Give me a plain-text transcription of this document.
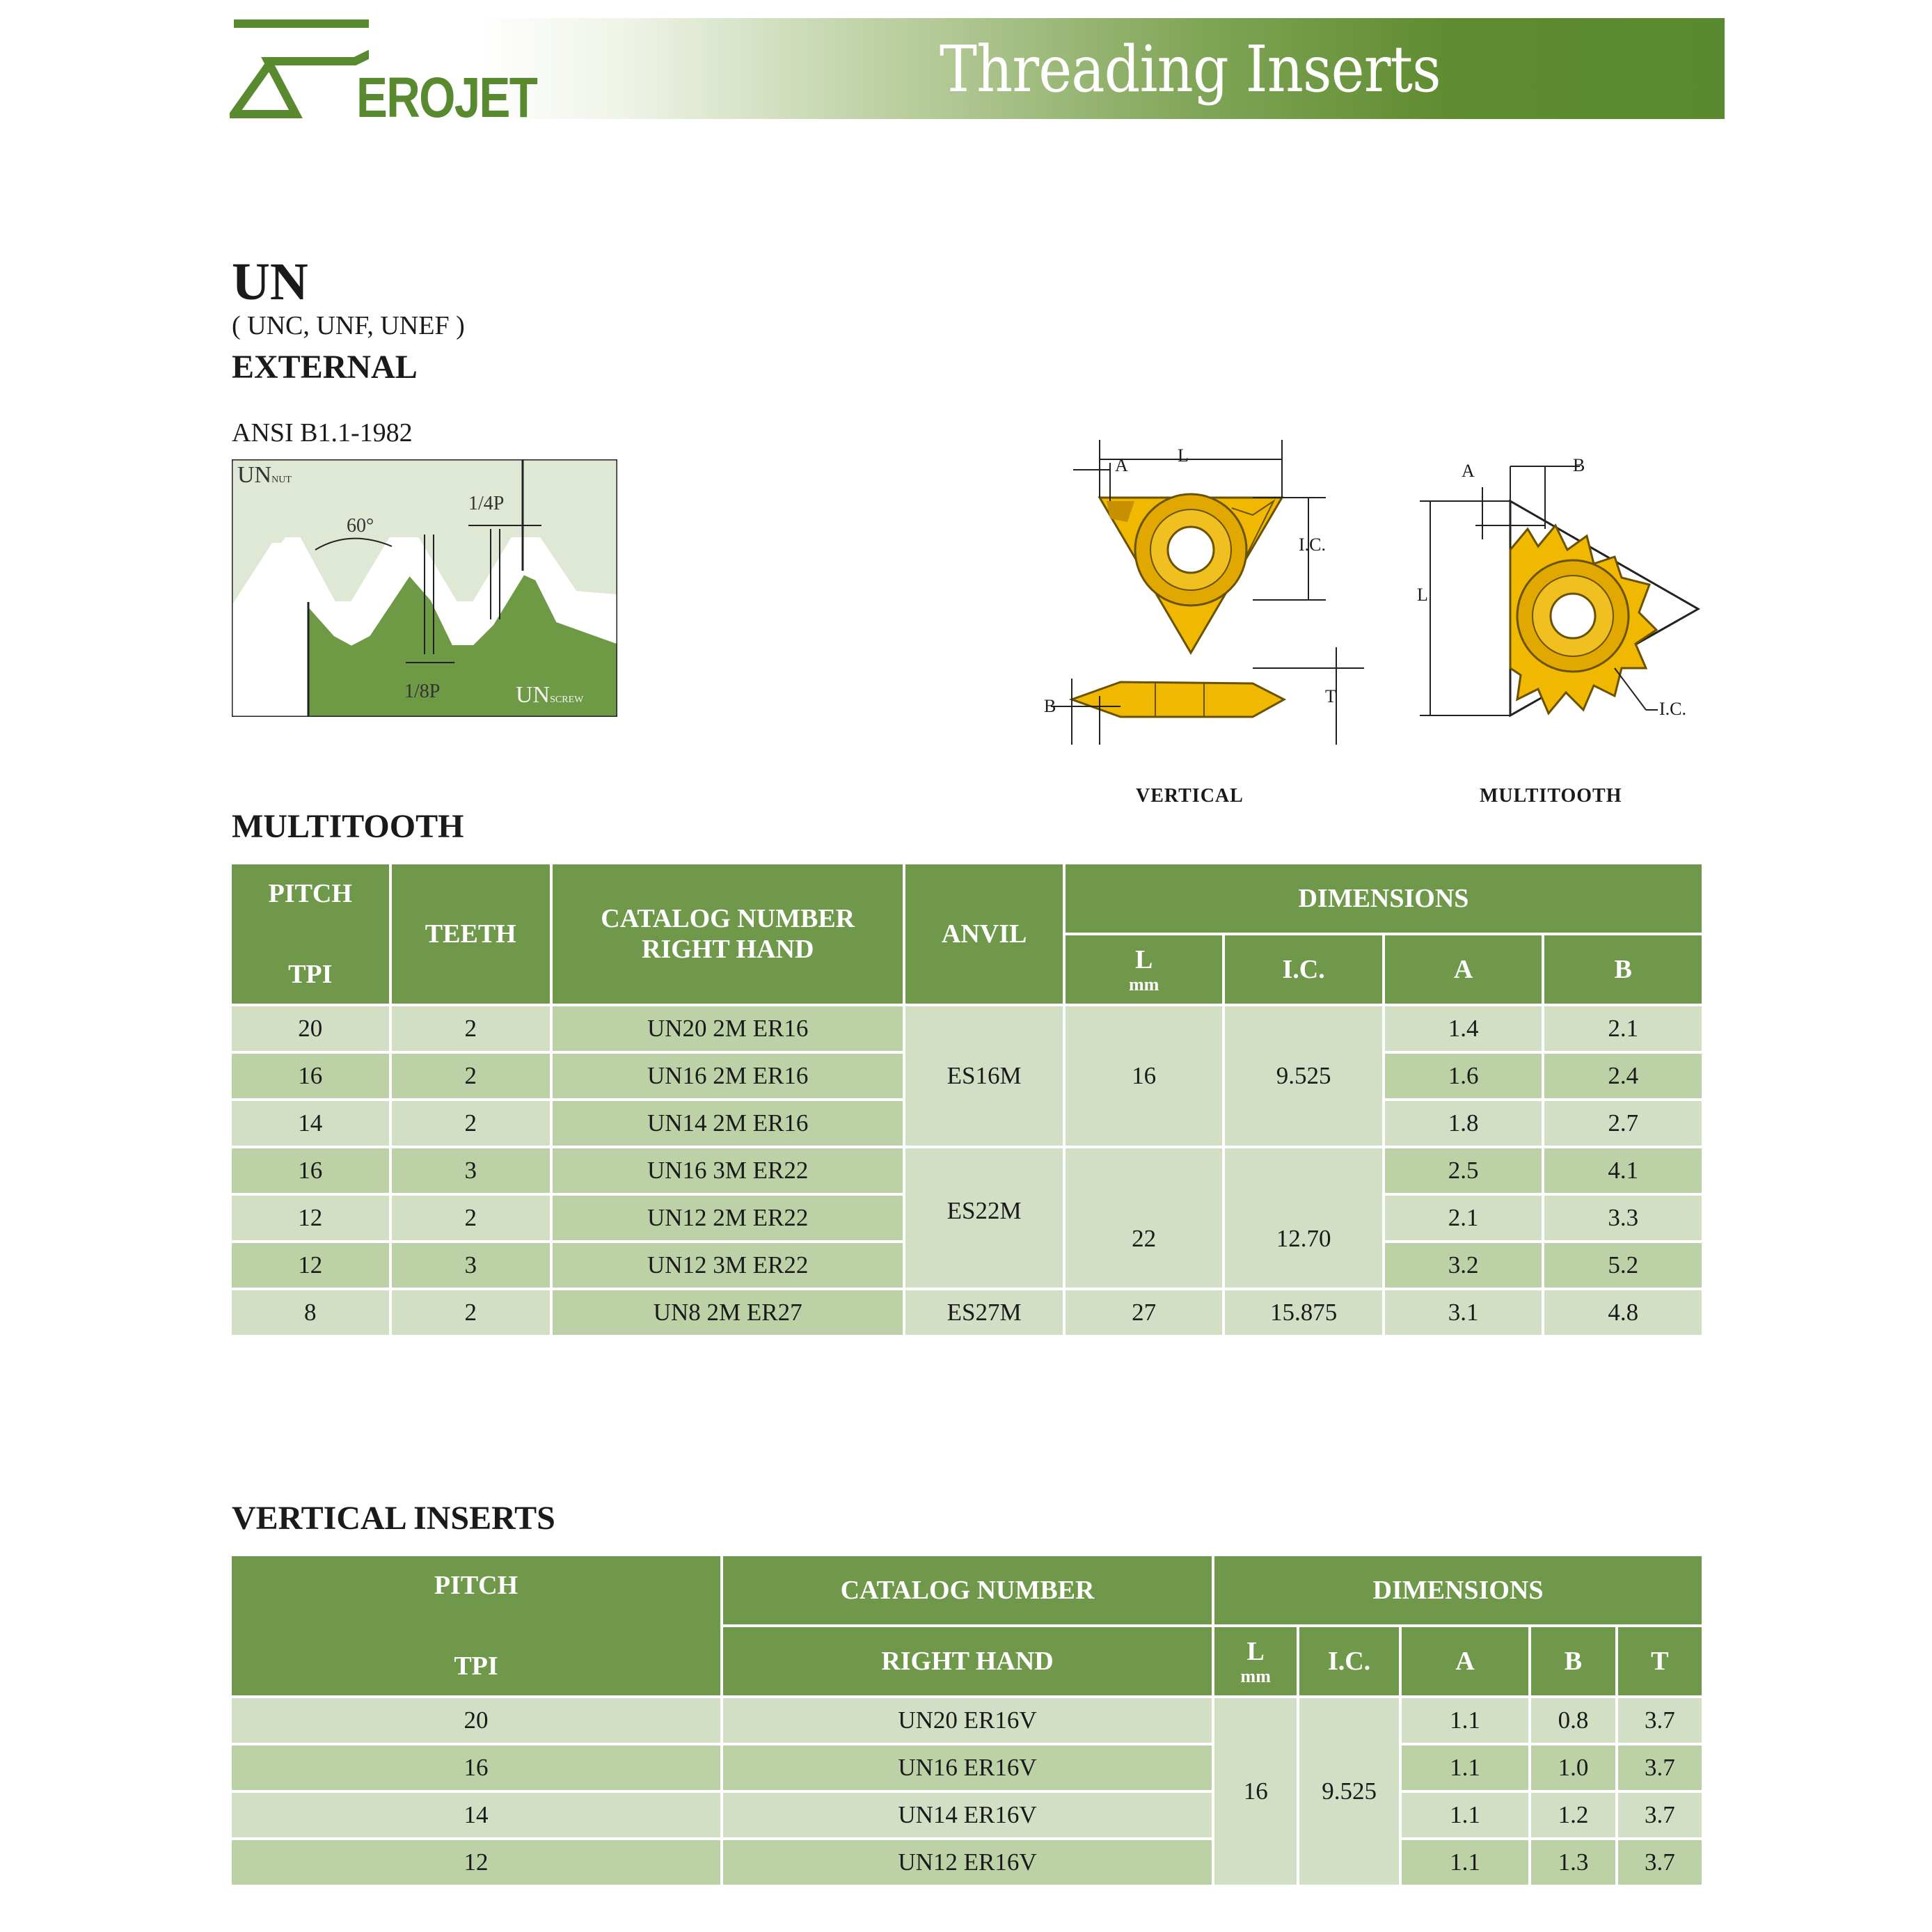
EROJET	Threading Inserts
UN
( UNC, UNF, UNEF )
EXTERNAL
ANSI B1.1-1982
UNNUT
60°
1/4P
1/8P	UNSCREW
A	L
I.C.
B	T
VERTICAL
A	B
L
I.C.
MULTITOOTH
MULTITOOTH
PITCH
TPI	TEETH	CATALOG NUMBER
RIGHT HAND	ANVIL	DIMENSIONS			
				L
mm	I.C.	A	B
20	2	UN20 2M ER16	ES16M	16	9.525	1.4	2.1
16	2	UN16 2M ER16				1.6	2.4
14	2	UN14 2M ER16				1.8	2.7
16	3	UN16 3M ER22	ES22M	22	12.70	2.5	4.1
12	2	UN12 2M ER22				2.1	3.3
12	3	UN12 3M ER22				3.2	5.2
8	2	UN8 2M ER27	ES27M	27	15.875	3.1	4.8
VERTICAL INSERTS
PITCH
TPI	CATALOG NUMBER	DIMENSIONS				
	RIGHT HAND	L
mm	I.C.	A	B	T
20	UN20 ER16V	16	9.525	1.1	0.8	3.7
16	UN16 ER16V			1.1	1.0	3.7
14	UN14 ER16V			1.1	1.2	3.7
12	UN12 ER16V			1.1	1.3	3.7
